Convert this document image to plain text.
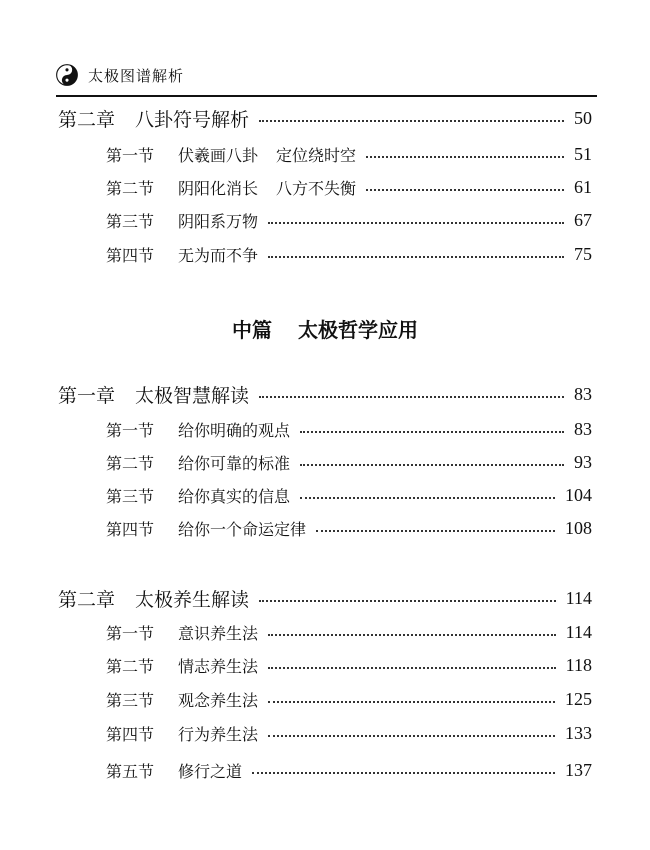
太极图谱解析
第二章 八卦符号解析	50
第一节 伏羲画八卦 定位绕时空	51
第二节 阴阳化消长 八方不失衡	61
第三节 阴阳系万物	67
第四节 无为而不争	75
中篇 太极哲学应用
第一章 太极智慧解读	83
第一节 给你明确的观点	83
第二节 给你可靠的标准	93
第三节 给你真实的信息	104
第四节 给你一个命运定律	108
第二章 太极养生解读	114
第一节 意识养生法	114
第二节 情志养生法	118
第三节 观念养生法	125
第四节 行为养生法	133
第五节 修行之道	137
